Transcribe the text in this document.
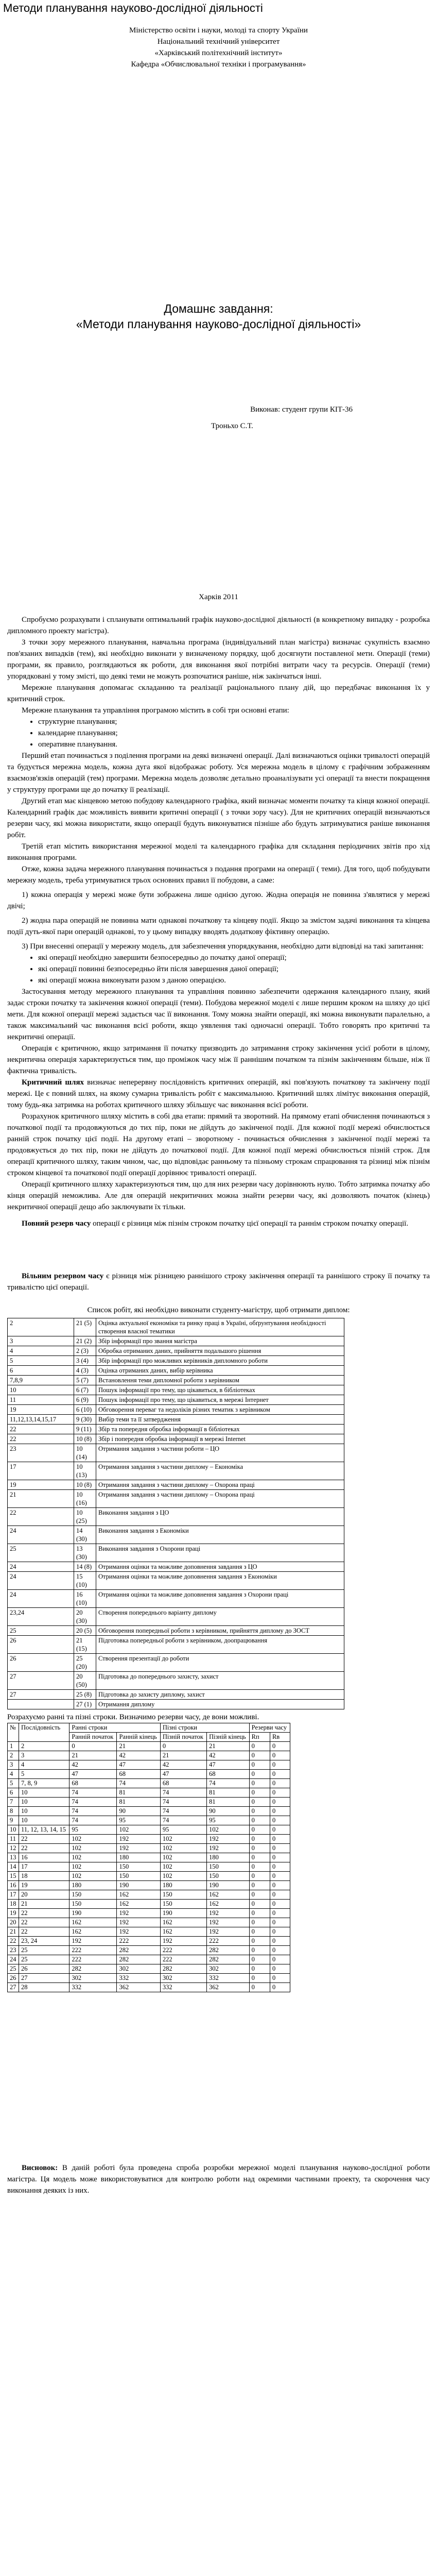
Методи планування науково-дослідної діяльності

Міністерство освіти і науки, молоді та спорту України

Національний технічний університет

«Харківський політехнічний інститут»

Кафедра «Обчислювальної техніки і програмування»

Домашнє завдання:

«Методи планування науково-дослідної діяльності»

Виконав: студент групи КІТ-36
Троньхо С.Т.
Харків 2011

Спробуємо розрахувати і спланувати оптимальний графік науково-дослідної діяльності (в конкретному випадку - розробка дипломного проекту магістра).

З точки зору мережного планування, навчальна програма (індивідуальний план магістра) визначає сукупність взаємно пов'язаних випадків (тем), які необхідно виконати у визначеному порядку, щоб досягнути поставленої мети. Операції (теми) програми, як правило, розглядаються як роботи, для виконання якої потрібні витрати часу та ресурсів. Операції (теми) упорядковані у тому змісті, що деякі теми не можуть розпочатися раніше, ніж закінчаться інші.

Мережне планування допомагає складанню та реалізації раціонального плану дій, що передбачає виконання їх у критичний строк.

Мережне планування та управління програмою містить в собі три основні етапи:

• структурне планування;
• календарне планування;
• оперативне планування.

Перший етап починається з поділення програми на деякі визначені операції. Далі визначаються оцінки тривалості операцій та будується мережна модель, кожна дуга якої відображає роботу. Уся мережна модель в цілому є графічним зображенням взаємозв'язків операцій (тем) програми. Мережна модель дозволяє детально проаналізувати усі операції та внести покращення у структуру програми ще до початку її реалізації.

Другий етап має кінцевою метою побудову календарного графіка, який визначає моменти початку та кінця кожної операції. Календарний графік дає можливість виявити критичні операції ( з точки зору часу). Для не критичних операцій визначаються резерви часу, які можна використати, якщо операції будуть виконуватися пізніше або будуть затримуватися раніше виконання робіт.

Третій етап містить використання мережної моделі та календарного графіка для складання періодичних звітів про хід виконання програми.

Отже, кожна задача мережного планування починається з подання програми на операції ( теми). Для того, щоб побудувати мережну модель, треба утримуватися трьох основних правил її побудови, а саме:

1) кожна операція у мережі може бути зображена лише однією дугою. Жодна операція не повинна з'являтися у мережі двічі;

2) жодна пара операцій не повинна мати однакові початкову та кінцеву події. Якщо за змістом задачі виконання та кінцева події дуть-якої пари операцій однакові, то у цьому випадку вводять додаткову фіктивну операцію.

3) При внесенні операції у мережну модель, для забезпечення упорядкування, необхідно дати відповіді на такі запитання:

• які операції необхідно завершити безпосередньо до початку даної операції;
• які операції повинні безпосередньо йти після завершення даної операції;
• які операції можна виконувати разом з даною операцією.

Застосування методу мережного планування та управління повинно забезпечити одержання календарного плану, який задає строки початку та закінчення кожної операції (теми). Побудова мережної моделі є лише першим кроком на шляху до цієї мети. Для кожної операції мережі задається час її виконання. Тому можна знайти операції, які можна виконувати паралельно, а також максимальний час виконання всієї роботи, якщо уявлення такі одночасні операції. Тобто говорять про критичні та некритичні операції.

Операція є критичною, якщо затримання її початку призводить до затримання строку закінчення усієї роботи в цілому, некритична операція характеризується тим, що проміжок часу між її раннішим початком та пізнім закінченням більше, ніж її фактична тривалість.

Критичний шлях визначає неперервну послідовність критичних операцій, які пов'язують початкову та закінчену події мережі. Це є повний шлях, на якому сумарна тривалість робіт є максимальною. Критичний шлях лімітує виконання операцій, тому будь-яка затримка на роботах критичного шляху збільшує час виконання всієї роботи.

Розрахунок критичного шляху містить в собі два етапи: прямий та зворотний. На прямому етапі обчислення починаються з початкової події та продовжуються до тих пір, поки не дійдуть до закінченої події. Для кожної події мережі обчислюється ранній строк початку цієї події. На другому етапі – зворотному - починається обчислення з закінченої події мережі та продовжується до тих пір, поки не дійдуть до початкової події. Для кожної події мережі обчислюється пізній строк. Для операції критичного шляху, таким чином, час, що відповідає ранньому та пізньому строкам спрацювання та різниці між пізнім строком кінцевої та початкової події операції дорівнює тривалості операції.

Операції критичного шляху характеризуються тим, що для них резерви часу дорівнюють нулю. Тобто затримка початку або кінця операцій неможлива. Але для операцій некритичних можна знайти резерви часу, які дозволяють початок (кінець) некритичної операції дещо або заключувати їх тільки.

Повний резерв часу операції є різниця між пізнім строком початку цієї операції та раннім строком початку операції.

Вільним резервом часу є різниця між різницею раннішого строку закінчення операції та раннішого строку її початку та тривалістю цієї операції.

Список робіт, які необхідно виконати студенту-магістру, щоб отримати диплом:
2	21 (5)	Оцінка актуальної економіки та ринку праці в Україні, обґрунтування необхідності створення власної тематики
3	21 (2)	Збір інформації про звання магістра
4	2 (3)	Обробка отриманих даних, прийняття подальшого рішення
5	3 (4)	Збір інформації про можливих керівників дипломного роботи
6	4 (3)	Оцінка отриманих даних, вибір керівника
7,8,9	5 (7)	Встановлення теми дипломної роботи з керівником
10	6 (7)	Пошук інформації про тему, що цікавиться, в бібліотеках
11	6 (9)	Пошук інформації про тему, що цікавиться, в мережі Інтернет
19	6 (10)	Обговорення переваг та недоліків різних тематик з керівником
11,12,13,14,15,17	9 (30)	Вибір теми та її затвердження
22	9 (11)	Збір та попередня обробка інформації в бібліотеках
22	10 (8)	Збір і попередня обробка інформації в мережі Internet
23	10 (14)	Отримання завдання з частини роботи – ЦО
17	10 (13)	Отримання завдання з частини диплому – Економіка
19	10 (8)	Отримання завдання з частини диплому – Охорона праці
21	10 (16)	Отримання завдання з частини диплому – Охорона праці
22	10 (25)	Виконання завдання з ЦО
24	14 (30)	Виконання завдання з Економіки
25	13 (30)	Виконання завдання з Охорони праці
24	14 (8)	Отримання оцінки та можливе доповнення завдання з ЦО
24	15 (10)	Отримання оцінки та можливе доповнення завдання з Економіки
24	16 (10)	Отримання оцінки та можливе доповнення завдання з Охорони праці
23,24	20 (30)	Створення попереднього варіанту диплому
25	20 (5)	Обговорення попередньої роботи з керівником, прийняття диплому до ЗОСТ
26	21 (15)	Підготовка попередньої роботи з керівником, доопрацювання
26	25 (20)	Створення презентації до роботи
27	20 (50)	Підготовка до попереднього захисту, захист
27	25 (8)	Підготовка до захисту диплому, захист
	27 (1)	Отримання диплому

Розрахуємо ранні та пізні строки. Визначимо резерви часу, де вони можливі.

№	Послідовність	Ранні строки		Пізні строки		Резерви часу	
		Ранній початок	Ранній кінець	Пізній початок	Пізній кінець	Rп	Rв
1	2	0	21	0	21	0	0
2	3	21	42	21	42	0	0
3	4	42	47	42	47	0	0
4	5	47	68	47	68	0	0
5	7, 8, 9	68	74	68	74	0	0
6	10	74	81	74	81	0	0
7	10	74	81	74	81	0	0
8	10	74	90	74	90	0	0
9	10	74	95	74	95	0	0
10	11, 12, 13, 14, 15	95	102	95	102	0	0
11	22	102	192	102	192	0	0
12	22	102	192	102	192	0	0
13	16	102	180	102	180	0	0
14	17	102	150	102	150	0	0
15	18	102	150	102	150	0	0
16	19	180	190	180	190	0	0
17	20	150	162	150	162	0	0
18	21	150	162	150	162	0	0
19	22	190	192	190	192	0	0
20	22	162	192	162	192	0	0
21	22	162	192	162	192	0	0
22	23, 24	192	222	192	222	0	0
23	25	222	282	222	282	0	0
24	25	222	282	222	282	0	0
25	26	282	302	282	302	0	0
26	27	302	332	302	332	0	0
27	28	332	362	332	362	0	0

Висновок: В даній роботі була проведена спроба розробки мережної моделі планування науково-дослідної роботи магістра. Ця модель може використовуватися для контролю роботи над окремими частинами проекту, та скорочення часу виконання деяких із них.
